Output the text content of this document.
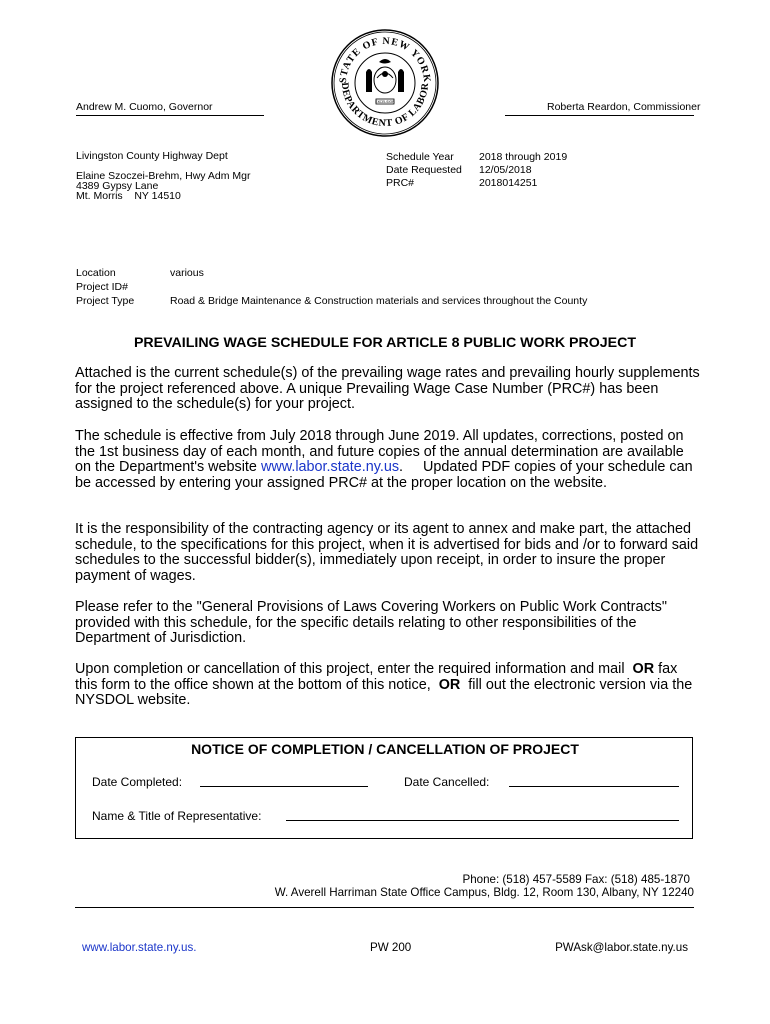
Andrew M. Cuomo, Governor	Roberta Reardon, Commissioner
STATE OF NEW YORK
DEPARTMENT OF LABOR
EXCELSIOR
Livingston County Highway Dept
Elaine Szoczei-Brehm, Hwy Adm Mgr
4389 Gypsy Lane
Mt. Morris    NY 14510
Schedule Year 2018 through 2019
Date Requested 12/05/2018
PRC#	2018014251
Location	various
Project ID#
Project Type	Road & Bridge Maintenance & Construction materials and services throughout the County
PREVAILING WAGE SCHEDULE FOR ARTICLE 8 PUBLIC WORK PROJECT
Attached is the current schedule(s) of the prevailing wage rates and prevailing hourly supplements for the project referenced above. A unique Prevailing Wage Case Number (PRC#) has been assigned to the schedule(s) for your project.
The schedule is effective from July 2018 through June 2019. All updates, corrections, posted on the 1st business day of each month, and future copies of the annual determination are available on the Department's website www.labor.state.ny.us.     Updated PDF copies of your schedule can be accessed by entering your assigned PRC# at the proper location on the website.
It is the responsibility of the contracting agency or its agent to annex and make part, the attached schedule, to the specifications for this project, when it is advertised for bids and /or to forward said schedules to the successful bidder(s), immediately upon receipt, in order to insure the proper payment of wages.
Please refer to the "General Provisions of Laws Covering Workers on Public Work Contracts" provided with this schedule, for the specific details relating to other responsibilities of the Department of Jurisdiction.
Upon completion or cancellation of this project, enter the required information and mail  OR fax this form to the office shown at the bottom of this notice,  OR  fill out the electronic version via the NYSDOL website.
NOTICE OF COMPLETION / CANCELLATION OF PROJECT
Date Completed:	Date Cancelled:
Name & Title of Representative:
Phone: (518) 457-5589 Fax: (518) 485-1870
W. Averell Harriman State Office Campus, Bldg. 12, Room 130, Albany, NY 12240
www.labor.state.ny.us.	PW 200	PWAsk@labor.state.ny.us
